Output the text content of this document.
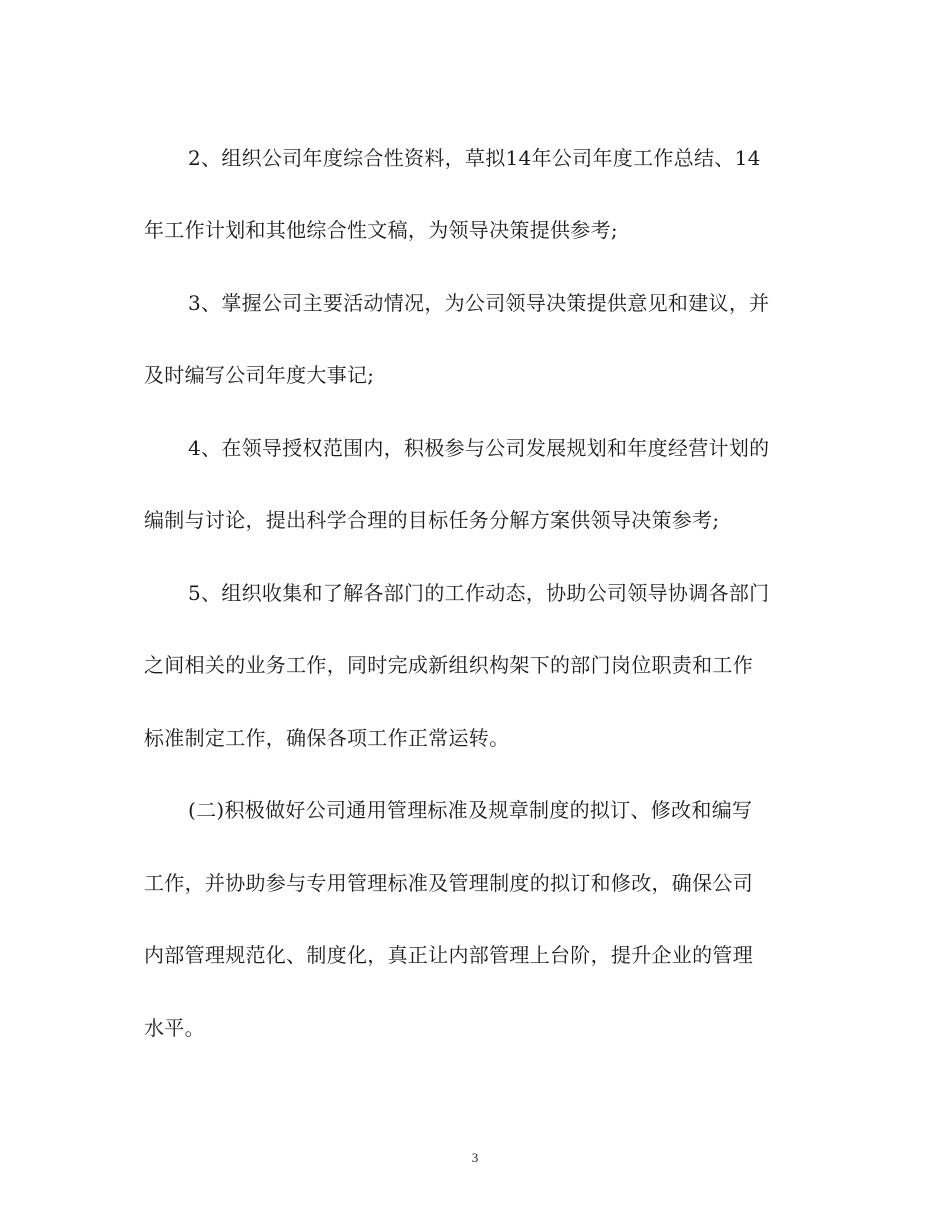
2、组织公司年度综合性资料，草拟14年公司年度工作总结、14
年工作计划和其他综合性文稿，为领导决策提供参考;
3、掌握公司主要活动情况，为公司领导决策提供意见和建议，并
及时编写公司年度大事记;
4、在领导授权范围内，积极参与公司发展规划和年度经营计划的
编制与讨论，提出科学合理的目标任务分解方案供领导决策参考;
5、组织收集和了解各部门的工作动态，协助公司领导协调各部门
之间相关的业务工作，同时完成新组织构架下的部门岗位职责和工作
标准制定工作，确保各项工作正常运转。
(二)积极做好公司通用管理标准及规章制度的拟订、修改和编写
工作，并协助参与专用管理标准及管理制度的拟订和修改，确保公司
内部管理规范化、制度化，真正让内部管理上台阶，提升企业的管理
水平。
3
